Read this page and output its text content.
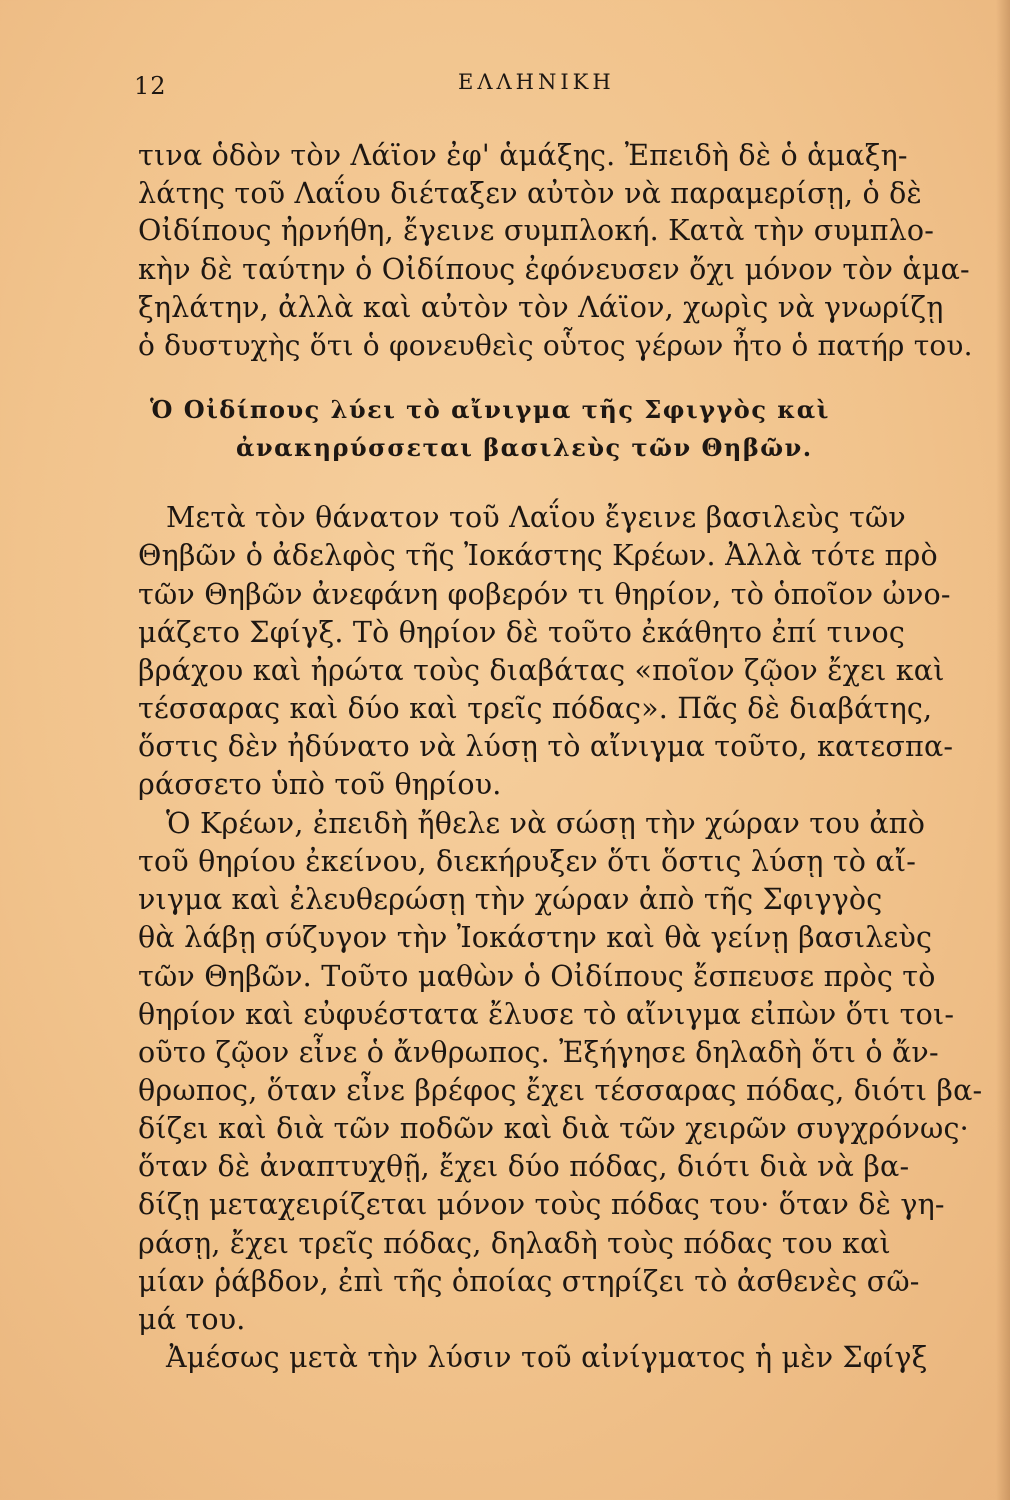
12	ΕΛΛΗΝΙΚΗ
τινα ὁδὸν τὸν Λάϊον ἐφ' ἁμάξης. Ἐπειδὴ δὲ ὁ ἁμαξη-
λάτης τοῦ Λαΐου διέταξεν αὐτὸν νὰ παραμερίσῃ, ὁ δὲ
Οἰδίπους ἠρνήθη, ἔγεινε συμπλοκή. Κατὰ τὴν συμπλο-
κὴν δὲ ταύτην ὁ Οἰδίπους ἐφόνευσεν ὄχι μόνον τὸν ἁμα-
ξηλάτην, ἀλλὰ καὶ αὐτὸν τὸν Λάϊον, χωρὶς νὰ γνωρίζῃ
ὁ δυστυχὴς ὅτι ὁ φονευθεὶς οὗτος γέρων ἦτο ὁ πατήρ του.
Ὁ Οἰδίπους λύει τὸ αἴνιγμα τῆς Σφιγγὸς καὶ
ἀνακηρύσσεται βασιλεὺς τῶν Θηβῶν.
Μετὰ τὸν θάνατον τοῦ Λαΐου ἔγεινε βασιλεὺς τῶν
Θηβῶν ὁ ἀδελφὸς τῆς Ἰοκάστης Κρέων. Ἀλλὰ τότε πρὸ
τῶν Θηβῶν ἀνεφάνη φοβερόν τι θηρίον, τὸ ὁποῖον ὠνο-
μάζετο Σφίγξ. Τὸ θηρίον δὲ τοῦτο ἐκάθητο ἐπί τινος
βράχου καὶ ἠρώτα τοὺς διαβάτας «ποῖον ζῷον ἔχει καὶ
τέσσαρας καὶ δύο καὶ τρεῖς πόδας». Πᾶς δὲ διαβάτης,
ὅστις δὲν ἠδύνατο νὰ λύσῃ τὸ αἴνιγμα τοῦτο, κατεσπα-
ράσσετο ὑπὸ τοῦ θηρίου.
Ὁ Κρέων, ἐπειδὴ ἤθελε νὰ σώσῃ τὴν χώραν του ἀπὸ
τοῦ θηρίου ἐκείνου, διεκήρυξεν ὅτι ὅστις λύσῃ τὸ αἴ-
νιγμα καὶ ἐλευθερώσῃ τὴν χώραν ἀπὸ τῆς Σφιγγὸς
θὰ λάβῃ σύζυγον τὴν Ἰοκάστην καὶ θὰ γείνῃ βασιλεὺς
τῶν Θηβῶν. Τοῦτο μαθὼν ὁ Οἰδίπους ἔσπευσε πρὸς τὸ
θηρίον καὶ εὐφυέστατα ἔλυσε τὸ αἴνιγμα εἰπὼν ὅτι τοι-
οῦτο ζῷον εἶνε ὁ ἄνθρωπος. Ἐξήγησε δηλαδὴ ὅτι ὁ ἄν-
θρωπος, ὅταν εἶνε βρέφος ἔχει τέσσαρας πόδας, διότι βα-
δίζει καὶ διὰ τῶν ποδῶν καὶ διὰ τῶν χειρῶν συγχρόνως·
ὅταν δὲ ἀναπτυχθῇ, ἔχει δύο πόδας, διότι διὰ νὰ βα-
δίζῃ μεταχειρίζεται μόνον τοὺς πόδας του· ὅταν δὲ γη-
ράσῃ, ἔχει τρεῖς πόδας, δηλαδὴ τοὺς πόδας του καὶ
μίαν ῥάβδον, ἐπὶ τῆς ὁποίας στηρίζει τὸ ἀσθενὲς σῶ-
μά του.
Ἀμέσως μετὰ τὴν λύσιν τοῦ αἰνίγματος ἡ μὲν Σφίγξ
